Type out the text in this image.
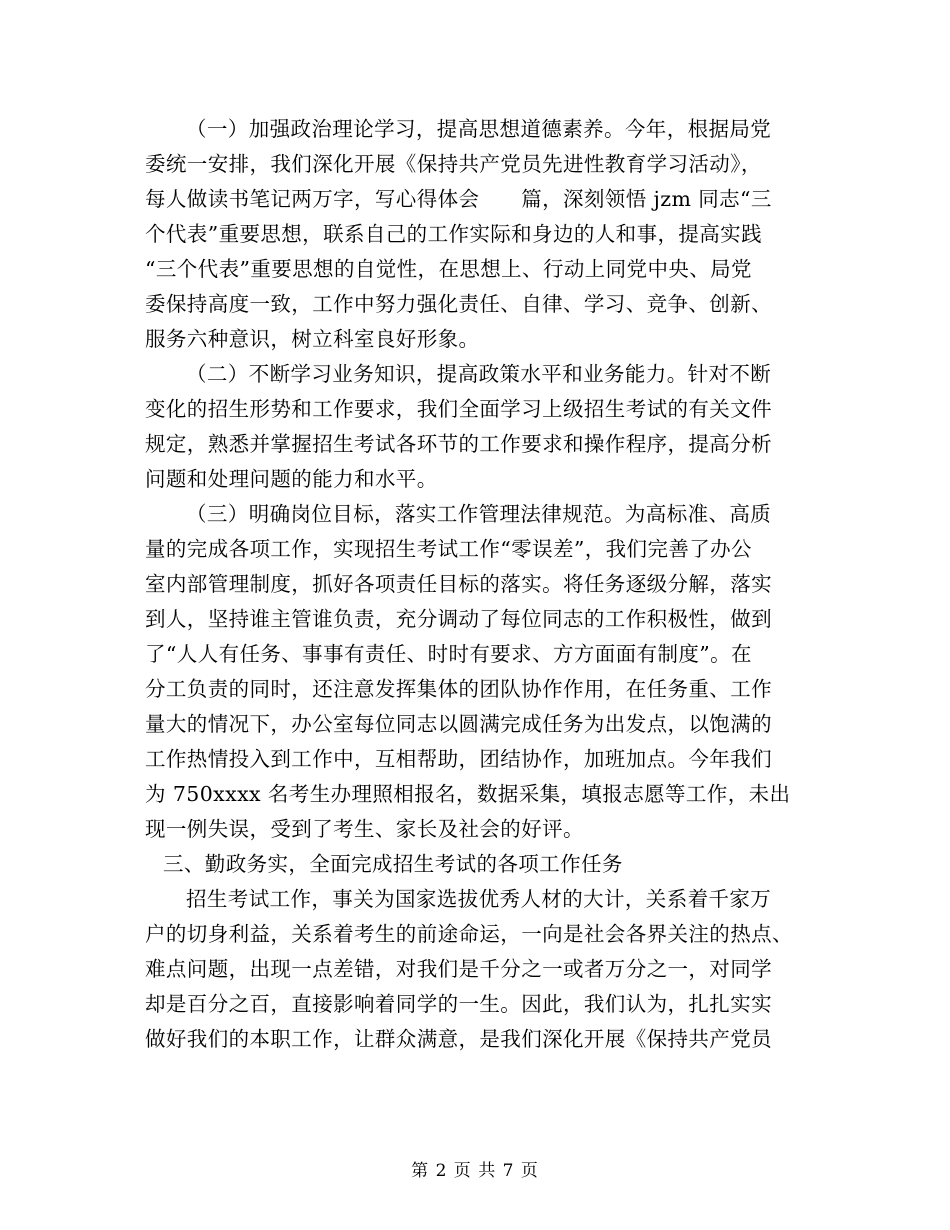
（一）加强政治理论学习，提高思想道德素养。今年，根据局党
委统一安排，我们深化开展《保持共产党员先进性教育学习活动》，
每人做读书笔记两万字，写心得体会　　篇，深刻领悟 jzm 同志“三
个代表”重要思想，联系自己的工作实际和身边的人和事，提高实践
“三个代表”重要思想的自觉性，在思想上、行动上同党中央、局党
委保持高度一致，工作中努力强化责任、自律、学习、竞争、创新、
服务六种意识，树立科室良好形象。
（二）不断学习业务知识，提高政策水平和业务能力。针对不断
变化的招生形势和工作要求，我们全面学习上级招生考试的有关文件
规定，熟悉并掌握招生考试各环节的工作要求和操作程序，提高分析
问题和处理问题的能力和水平。
（三）明确岗位目标，落实工作管理法律规范。为高标准、高质
量的完成各项工作，实现招生考试工作“零误差”，我们完善了办公
室内部管理制度，抓好各项责任目标的落实。将任务逐级分解，落实
到人，坚持谁主管谁负责，充分调动了每位同志的工作积极性，做到
了“人人有任务、事事有责任、时时有要求、方方面面有制度”。在
分工负责的同时，还注意发挥集体的团队协作作用，在任务重、工作
量大的情况下，办公室每位同志以圆满完成任务为出发点，以饱满的
工作热情投入到工作中，互相帮助，团结协作，加班加点。今年我们
为 750xxxx 名考生办理照相报名，数据采集，填报志愿等工作，未出
现一例失误，受到了考生、家长及社会的好评。
三、勤政务实，全面完成招生考试的各项工作任务
招生考试工作，事关为国家选拔优秀人材的大计，关系着千家万
户的切身利益，关系着考生的前途命运，一向是社会各界关注的热点、
难点问题，出现一点差错，对我们是千分之一或者万分之一，对同学
却是百分之百，直接影响着同学的一生。因此，我们认为，扎扎实实
做好我们的本职工作，让群众满意，是我们深化开展《保持共产党员
第 2 页 共 7 页
